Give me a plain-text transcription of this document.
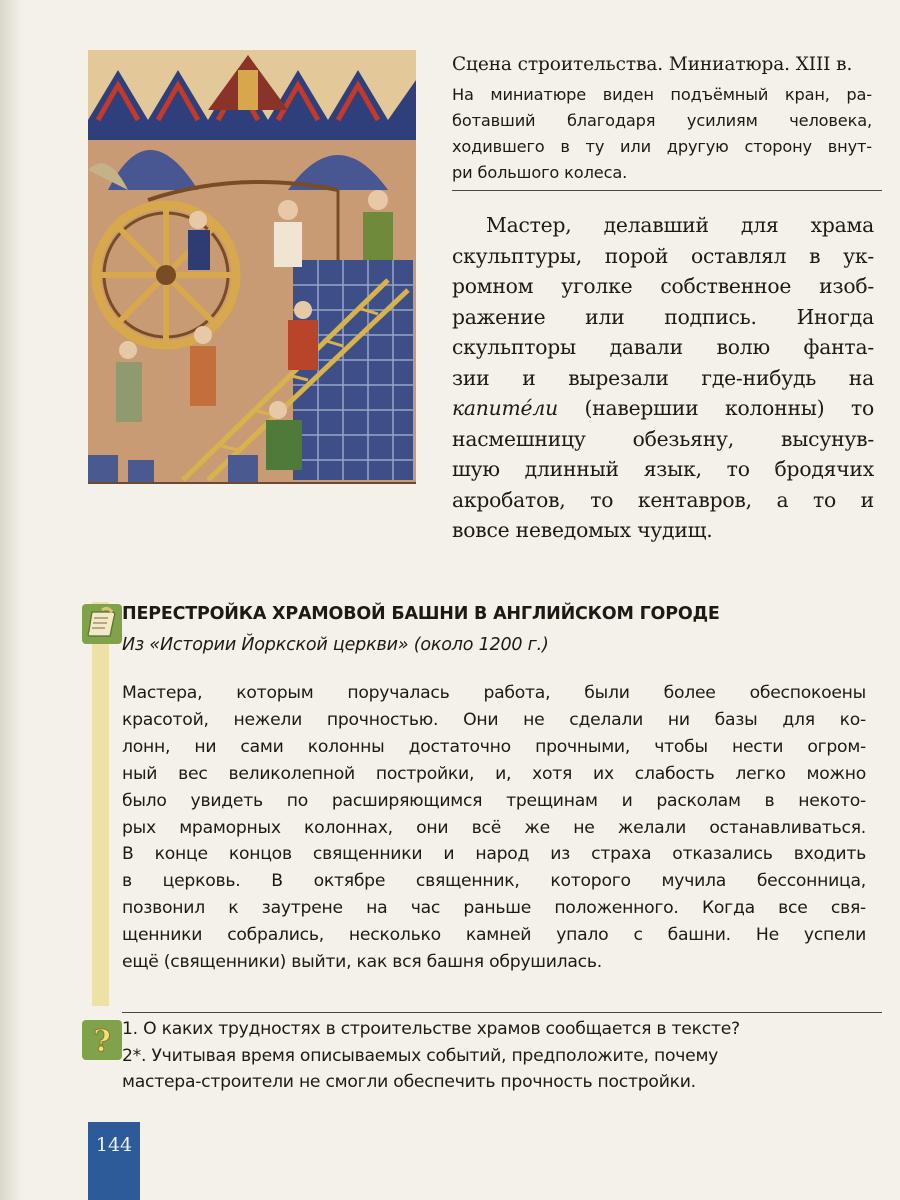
Сцена строительства. Миниатюра. XIII в.
На миниатюре виден подъёмный кран, ра-
ботавший благодаря усилиям человека,
ходившего в ту или другую сторону внут-
ри большого колеса.
Мастер, делавший для храма
скульптуры, порой оставлял в ук-
ромном уголке собственное изоб-
ражение или подпись. Иногда
скульпторы давали волю фанта-
зии и вырезали где-нибудь на
капите́ли (навершии колонны) то
насмешницу обезьяну, высунув-
шую длинный язык, то бродячих
акробатов, то кентавров, а то и
вовсе неведомых чудищ.
?
ПЕРЕСТРОЙКА ХРАМОВОЙ БАШНИ В АНГЛИЙСКОМ ГОРОДЕ
Из «Истории Йоркской церкви» (около 1200 г.)
Мастера, которым поручалась работа, были более обеспокоены
красотой, нежели прочностью. Они не сделали ни базы для ко-
лонн, ни сами колонны достаточно прочными, чтобы нести огром-
ный вес великолепной постройки, и, хотя их слабость легко можно
было увидеть по расширяющимся трещинам и расколам в некото-
рых мраморных колоннах, они всё же не желали останавливаться.
В конце концов священники и народ из страха отказались входить
в церковь. В октябре священник, которого мучила бессонница,
позвонил к заутрене на час раньше положенного. Когда все свя-
щенники собрались, несколько камней упало с башни. Не успели
ещё (священники) выйти, как вся башня обрушилась.
1. О каких трудностях в строительстве храмов сообщается в тексте?
2*. Учитывая время описываемых событий, предположите, почему
мастера-строители не смогли обеспечить прочность постройки.
144
